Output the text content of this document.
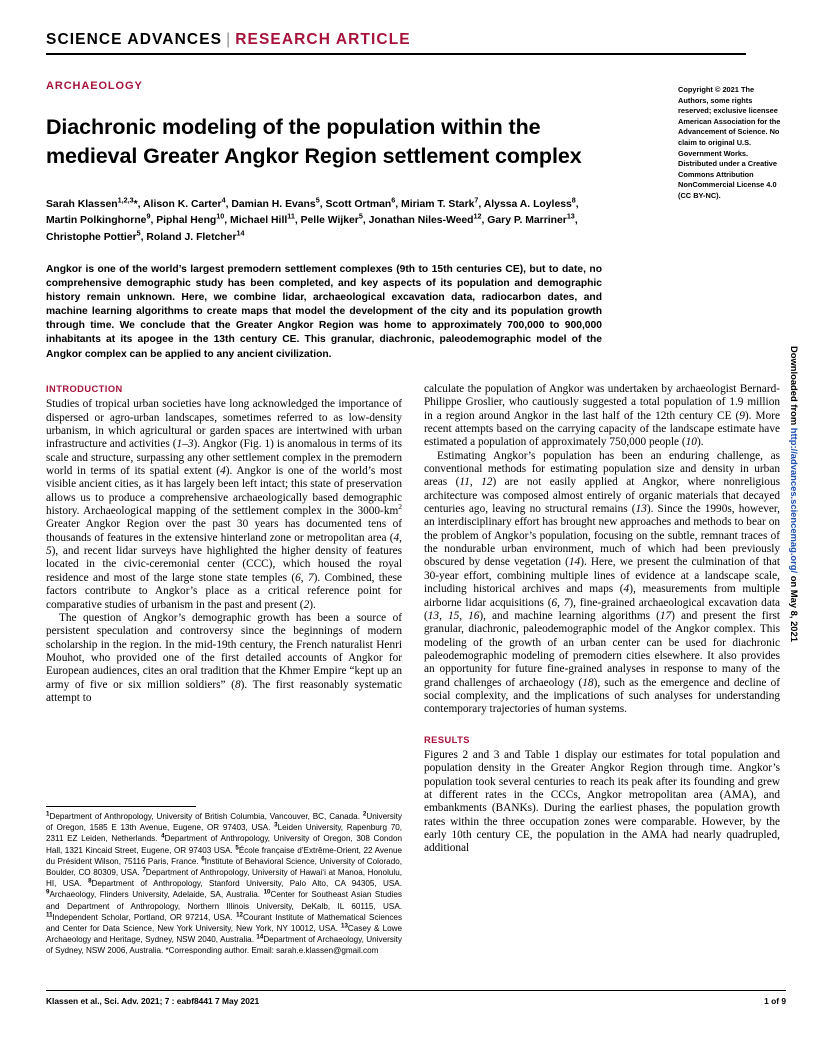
SCIENCE ADVANCES | RESEARCH ARTICLE
ARCHAEOLOGY
Diachronic modeling of the population within the medieval Greater Angkor Region settlement complex
Sarah Klassen$^{1,2,3}$*, Alison K. Carter$^4$, Damian H. Evans$^5$, Scott Ortman$^6$, Miriam T. Stark$^7$, Alyssa A. Loyless$^8$, Martin Polkinghorne$^9$, Piphal Heng$^{10}$, Michael Hill$^{11}$, Pelle Wijker$^5$, Jonathan Niles-Weed$^{12}$, Gary P. Marriner$^{13}$, Christophe Pottier$^5$, Roland J. Fletcher$^{14}$
Angkor is one of the world’s largest premodern settlement complexes (9th to 15th centuries CE), but to date, no comprehensive demographic study has been completed, and key aspects of its population and demographic history remain unknown. Here, we combine lidar, archaeological excavation data, radiocarbon dates, and machine learning algorithms to create maps that model the development of the city and its population growth through time. We conclude that the Greater Angkor Region was home to approximately 700,000 to 900,000 inhabitants at its apogee in the 13th century CE. This granular, diachronic, paleodemographic model of the Angkor complex can be applied to any ancient civilization.
Copyright © 2021 The Authors, some rights reserved; exclusive licensee American Association for the Advancement of Science. No claim to original U.S. Government Works. Distributed under a Creative Commons Attribution NonCommercial License 4.0 (CC BY-NC).
Downloaded from http://advances.sciencemag.org/ on May 8, 2021
INTRODUCTION

Studies of tropical urban societies have long acknowledged the importance of dispersed or agro-urban landscapes, sometimes referred to as low-density urbanism, in which agricultural or garden spaces are intertwined with urban infrastructure and activities (1–3). Angkor (Fig. 1) is anomalous in terms of its scale and structure, surpassing any other settlement complex in the premodern world in terms of its spatial extent (4). Angkor is one of the world’s most visible ancient cities, as it has largely been left intact; this state of preservation allows us to produce a comprehensive archaeologically based demographic history. Archaeological mapping of the settlement complex in the $3000-km^2$ Greater Angkor Region over the past 30 years has documented tens of thousands of features in the extensive hinterland zone or metropolitan area (4, 5), and recent lidar surveys have highlighted the higher density of features located in the civic-ceremonial center (CCC), which housed the royal residence and most of the large stone state temples (6, 7). Combined, these factors contribute to Angkor’s place as a critical reference point for comparative studies of urbanism in the past and present (2).

The question of Angkor’s demographic growth has been a source of persistent speculation and controversy since the beginnings of modern scholarship in the region. In the mid-19th century, the French naturalist Henri Mouhot, who provided one of the first detailed accounts of Angkor for European audiences, cites an oral tradition that the Khmer Empire “kept up an army of five or six million soldiers” (8). The first reasonably systematic attempt to

calculate the population of Angkor was undertaken by archaeologist Bernard-Philippe Groslier, who cautiously suggested a total population of 1.9 million in a region around Angkor in the last half of the 12th century CE (9). More recent attempts based on the carrying capacity of the landscape estimate have estimated a population of approximately 750,000 people (10).

Estimating Angkor’s population has been an enduring challenge, as conventional methods for estimating population size and density in urban areas (11, 12) are not easily applied at Angkor, where nonreligious architecture was composed almost entirely of organic materials that decayed centuries ago, leaving no structural remains (13). Since the 1990s, however, an interdisciplinary effort has brought new approaches and methods to bear on the problem of Angkor’s population, focusing on the subtle, remnant traces of the nondurable urban environment, much of which had been previously obscured by dense vegetation (14). Here, we present the culmination of that 30-year effort, combining multiple lines of evidence at a landscape scale, including historical archives and maps (4), measurements from multiple airborne lidar acquisitions (6, 7), fine-grained archaeological excavation data (13, 15, 16), and machine learning algorithms (17) and present the first granular, diachronic, paleodemographic model of the Angkor complex. This modeling of the growth of an urban center can be used for diachronic paleodemographic modeling of premodern cities elsewhere. It also provides an opportunity for future fine-grained analyses in response to many of the grand challenges of archaeology (18), such as the emergence and decline of social complexity, and the implications of such analyses for understanding contemporary trajectories of human systems.

RESULTS

Figures 2 and 3 and Table 1 display our estimates for total population and population density in the Greater Angkor Region through time. Angkor’s population took several centuries to reach its peak after its founding and grew at different rates in the CCCs, Angkor metropolitan area (AMA), and embankments (BANKs). During the earliest phases, the population growth rates within the three occupation zones were comparable. However, by the early 10th century CE, the population in the AMA had nearly quadrupled, additional

$^1$Department of Anthropology, University of British Columbia, Vancouver, BC, Canada. $^2$University of Oregon, 1585 E 13th Avenue, Eugene, OR 97403, USA. $^3$Leiden University, Rapenburg 70, 2311 EZ Leiden, Netherlands. $^4$Department of Anthropology, University of Oregon, 308 Condon Hall, 1321 Kincaid Street, Eugene, OR 97403 USA. $^5$École française d’Extrême-Orient, 22 Avenue du Président Wilson, 75116 Paris, France. $^6$Institute of Behavioral Science, University of Colorado, Boulder, CO 80309, USA. $^7$Department of Anthropology, University of Hawai‘i at Manoa, Honolulu, HI, USA. $^8$Department of Anthropology, Stanford University, Palo Alto, CA 94305, USA. $^9$Archaeology, Flinders University, Adelaide, SA, Australia. $^{10}$Center for Southeast Asian Studies and Department of Anthropology, Northern Illinois University, DeKalb, IL 60115, USA. $^{11}$Independent Scholar, Portland, OR 97214, USA. $^{12}$Courant Institute of Mathematical Sciences and Center for Data Science, New York University, New York, NY 10012, USA. $^{13}$Casey & Lowe Archaeology and Heritage, Sydney, NSW 2040, Australia. $^{14}$Department of Archaeology, University of Sydney, NSW 2006, Australia. *Corresponding author. Email: sarah.e.klassen@gmail.com
Klassen et al., Sci. Adv. 2021; 7 : eabf8441 7 May 2021	1 of 9
